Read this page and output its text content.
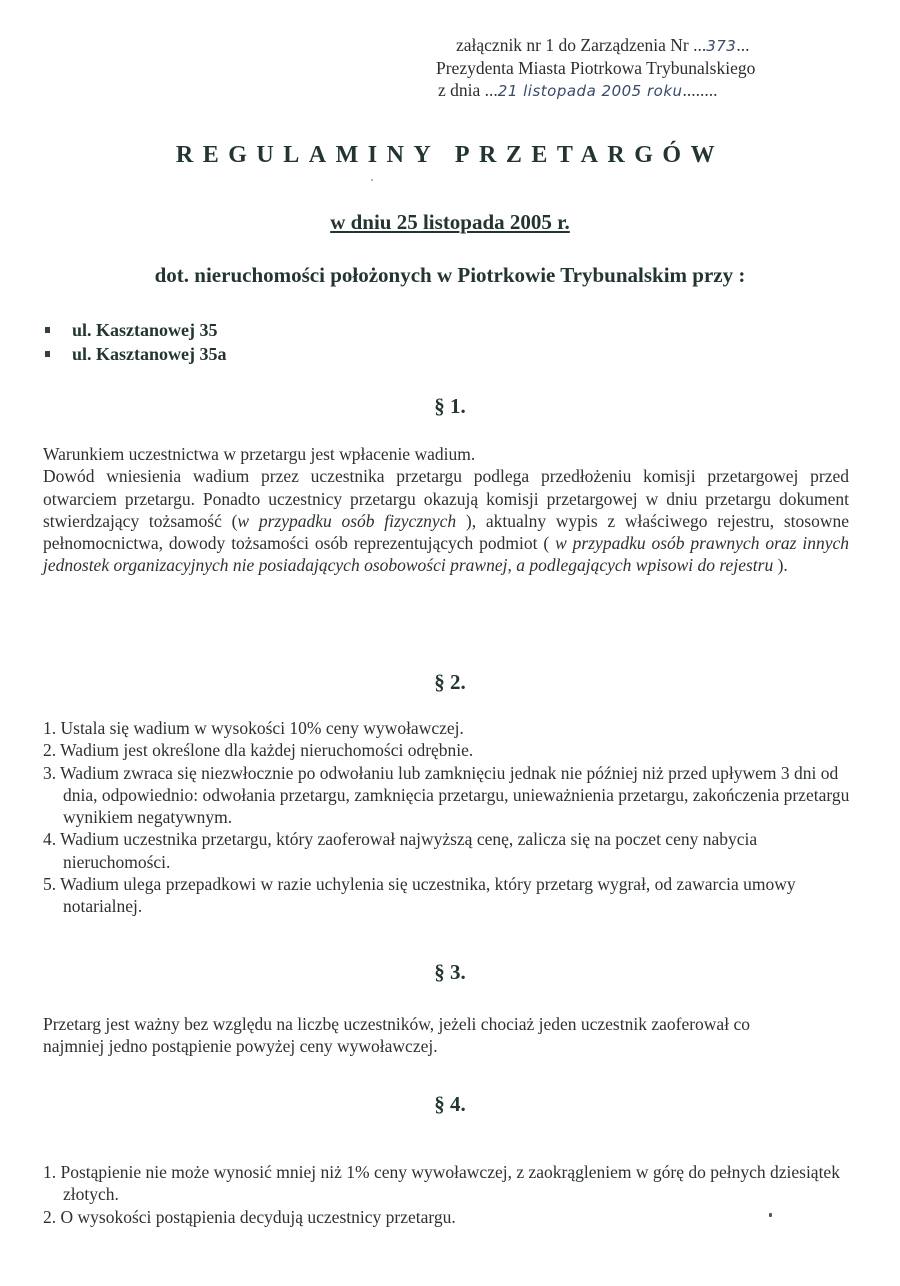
załącznik nr 1 do Zarządzenia Nr ...373...
Prezydenta Miasta Piotrkowa Trybunalskiego
z dnia ...21 listopada 2005 roku........
REGULAMINY PRZETARGÓW
w dniu 25 listopada 2005 r.
dot. nieruchomości położonych w Piotrkowie Trybunalskim przy :
ul. Kasztanowej 35
ul. Kasztanowej 35a
§ 1.

Warunkiem uczestnictwa w przetargu jest wpłacenie wadium.

Dowód wniesienia wadium przez uczestnika przetargu podlega przedłożeniu komisji przetargowej przed otwarciem przetargu. Ponadto uczestnicy przetargu okazują komisji przetargowej w dniu przetargu dokument stwierdzający tożsamość (w przypadku osób fizycznych ), aktualny wypis z właściwego rejestru, stosowne pełnomocnictwa, dowody tożsamości osób reprezentujących podmiot ( w przypadku osób prawnych oraz innych jednostek organizacyjnych nie posiadających osobowości prawnej, a podlegających wpisowi do rejestru ).

§ 2.
1. Ustala się wadium w wysokości 10% ceny wywoławczej.
2. Wadium jest określone dla każdej nieruchomości odrębnie.
3. Wadium zwraca się niezwłocznie po odwołaniu lub zamknięciu jednak nie później niż przed upływem 3 dni od dnia, odpowiednio: odwołania przetargu, zamknięcia przetargu, unieważnienia przetargu, zakończenia przetargu wynikiem negatywnym.
4. Wadium uczestnika przetargu, który zaoferował najwyższą cenę, zalicza się na poczet ceny nabycia nieruchomości.
5. Wadium ulega przepadkowi w razie uchylenia się uczestnika, który przetarg wygrał, od zawarcia umowy notarialnej.
§ 3.
Przetarg jest ważny bez względu na liczbę uczestników, jeżeli chociaż jeden uczestnik zaoferował co najmniej jedno postąpienie powyżej ceny wywoławczej.
§ 4.
1. Postąpienie nie może wynosić mniej niż 1% ceny wywoławczej, z zaokrągleniem w górę do pełnych dziesiątek złotych.
2. O wysokości postąpienia decydują uczestnicy przetargu.
